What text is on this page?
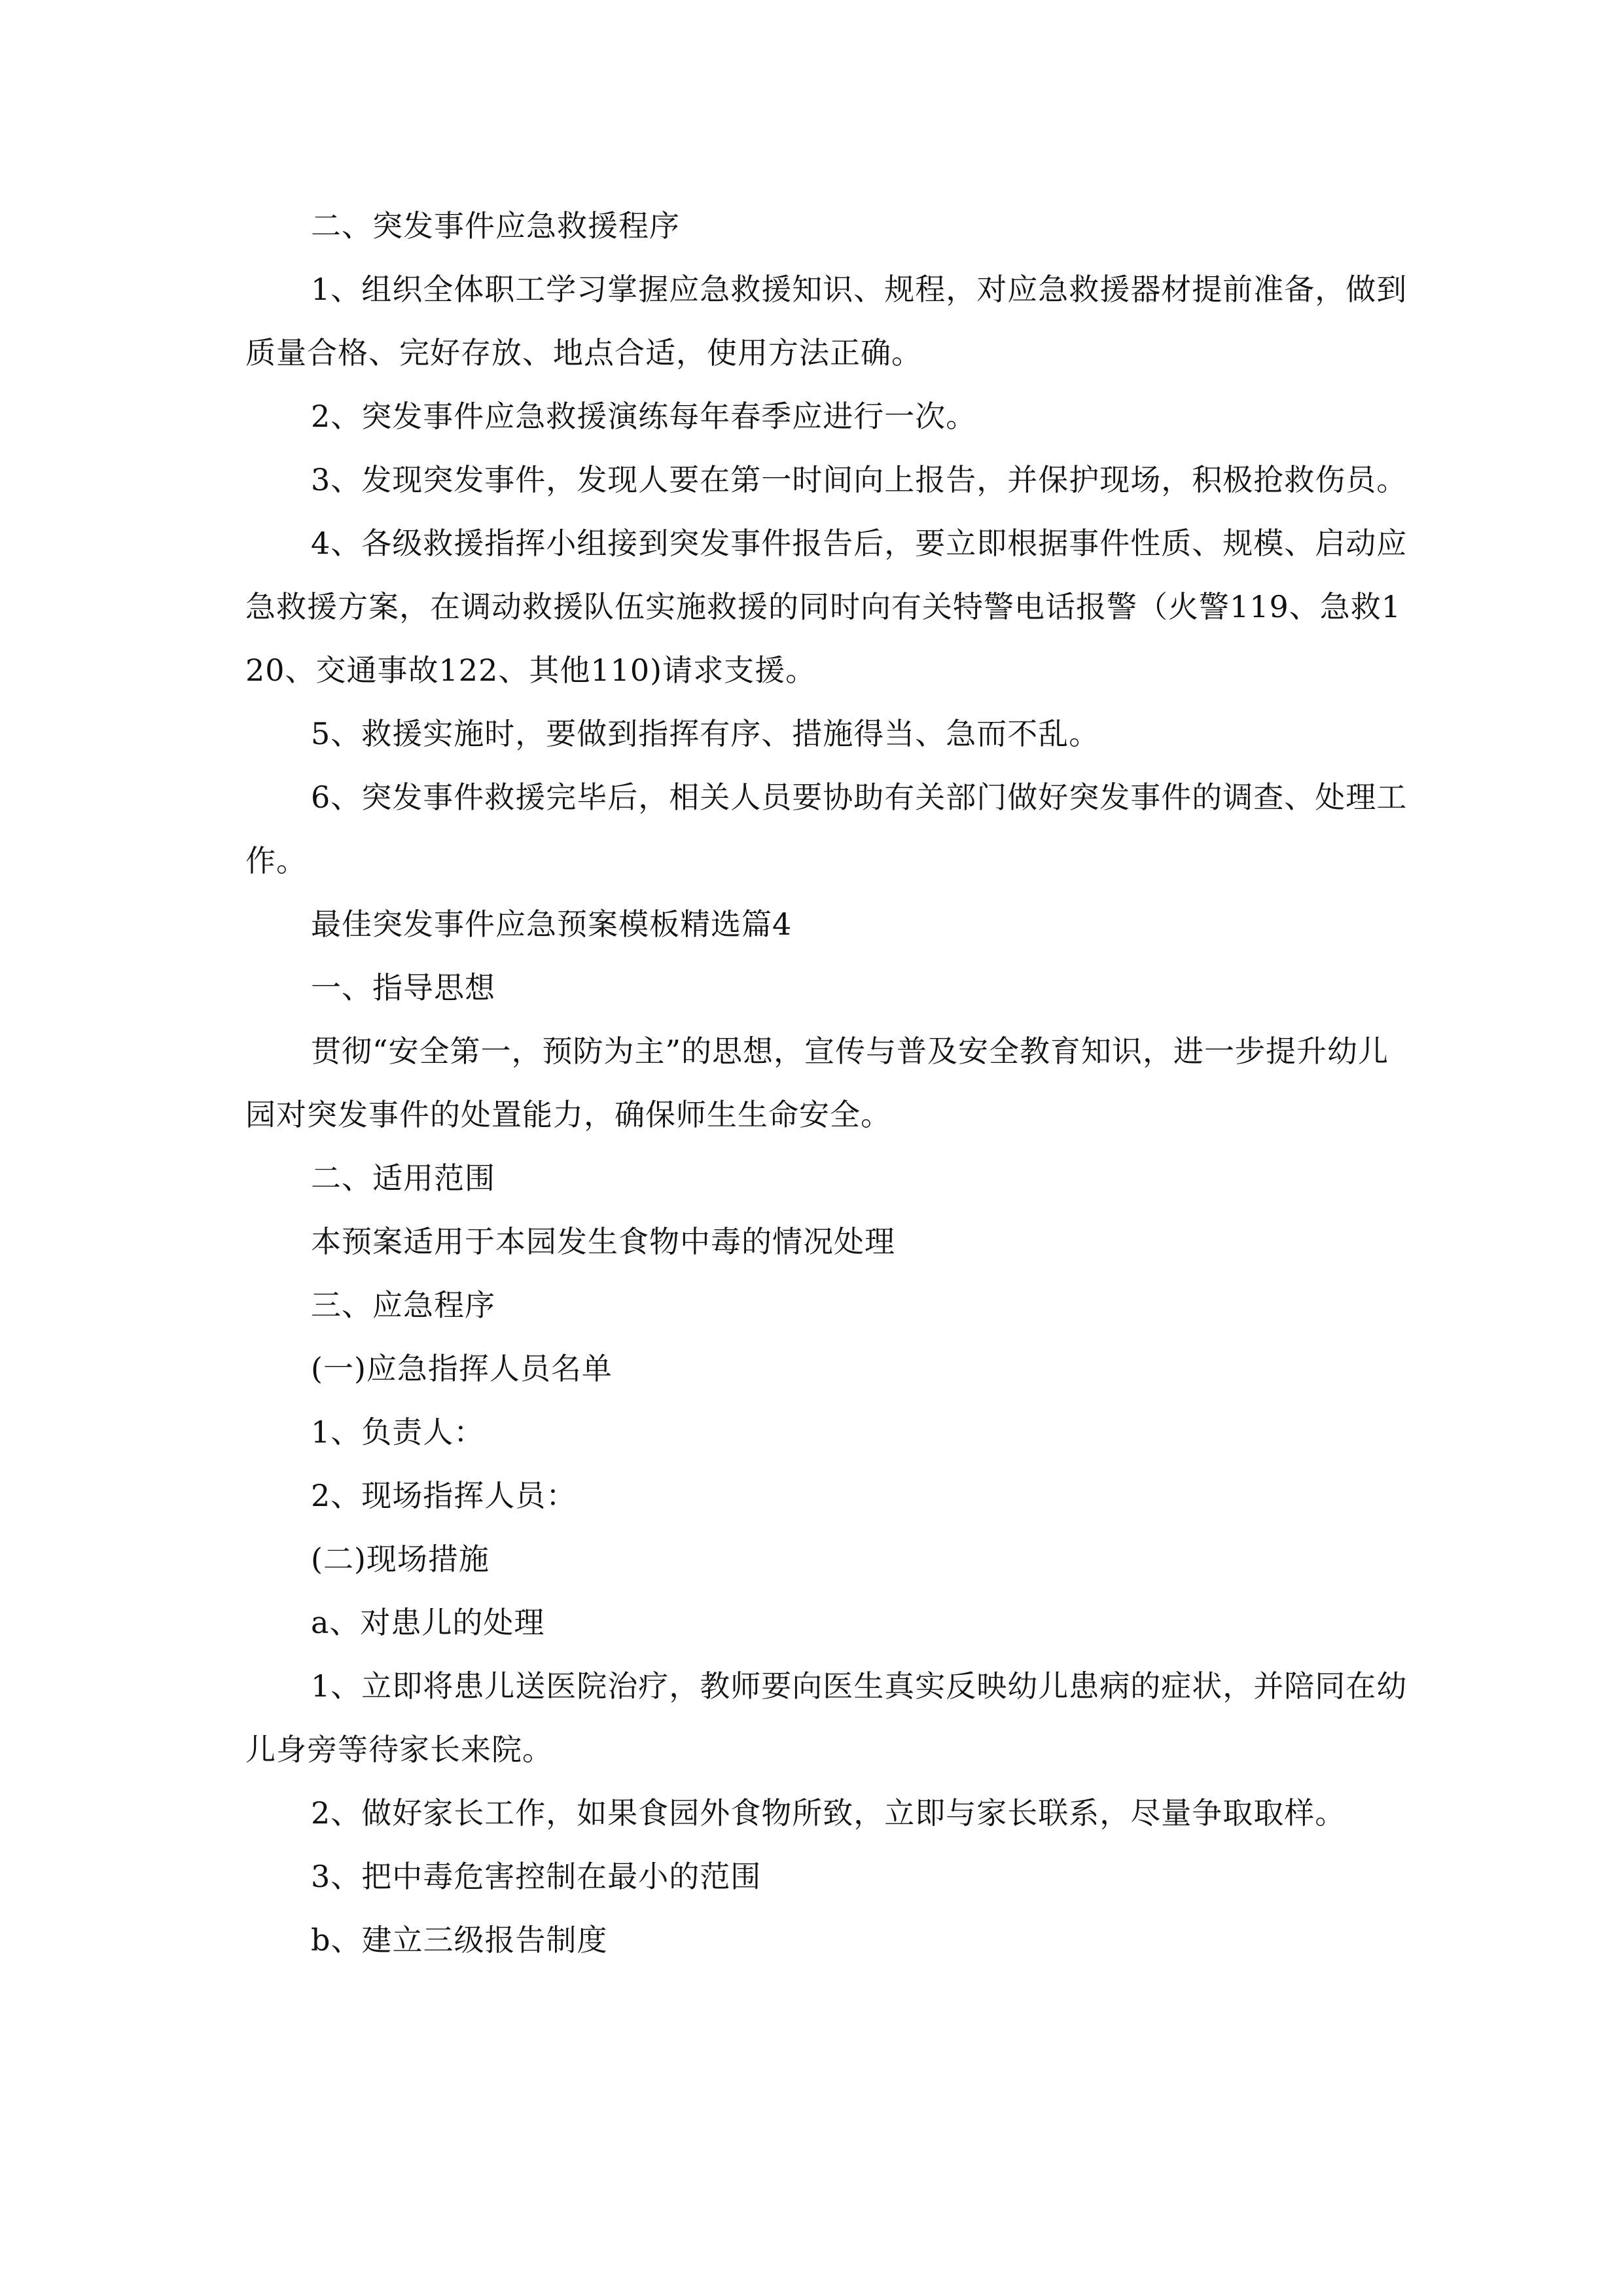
二、突发事件应急救援程序

1、组织全体职工学习掌握应急救援知识、规程，对应急救援器材提前准备，做到质量合格、完好存放、地点合适，使用方法正确。

2、突发事件应急救援演练每年春季应进行一次。

3、发现突发事件，发现人要在第一时间向上报告，并保护现场，积极抢救伤员。

4、各级救援指挥小组接到突发事件报告后，要立即根据事件性质、规模、启动应急救援方案，在调动救援队伍实施救援的同时向有关特警电话报警（火警119、急救120、交通事故122、其他110)请求支援。

5、救援实施时，要做到指挥有序、措施得当、急而不乱。

6、突发事件救援完毕后，相关人员要协助有关部门做好突发事件的调查、处理工作。

最佳突发事件应急预案模板精选篇4

一、指导思想

贯彻“安全第一，预防为主”的思想，宣传与普及安全教育知识，进一步提升幼儿园对突发事件的处置能力，确保师生生命安全。

二、适用范围

本预案适用于本园发生食物中毒的情况处理

三、应急程序

(一)应急指挥人员名单

1、负责人：

2、现场指挥人员：

(二)现场措施

a、对患儿的处理

1、立即将患儿送医院治疗，教师要向医生真实反映幼儿患病的症状，并陪同在幼儿身旁等待家长来院。

2、做好家长工作，如果食园外食物所致，立即与家长联系，尽量争取取样。

3、把中毒危害控制在最小的范围

b、建立三级报告制度
